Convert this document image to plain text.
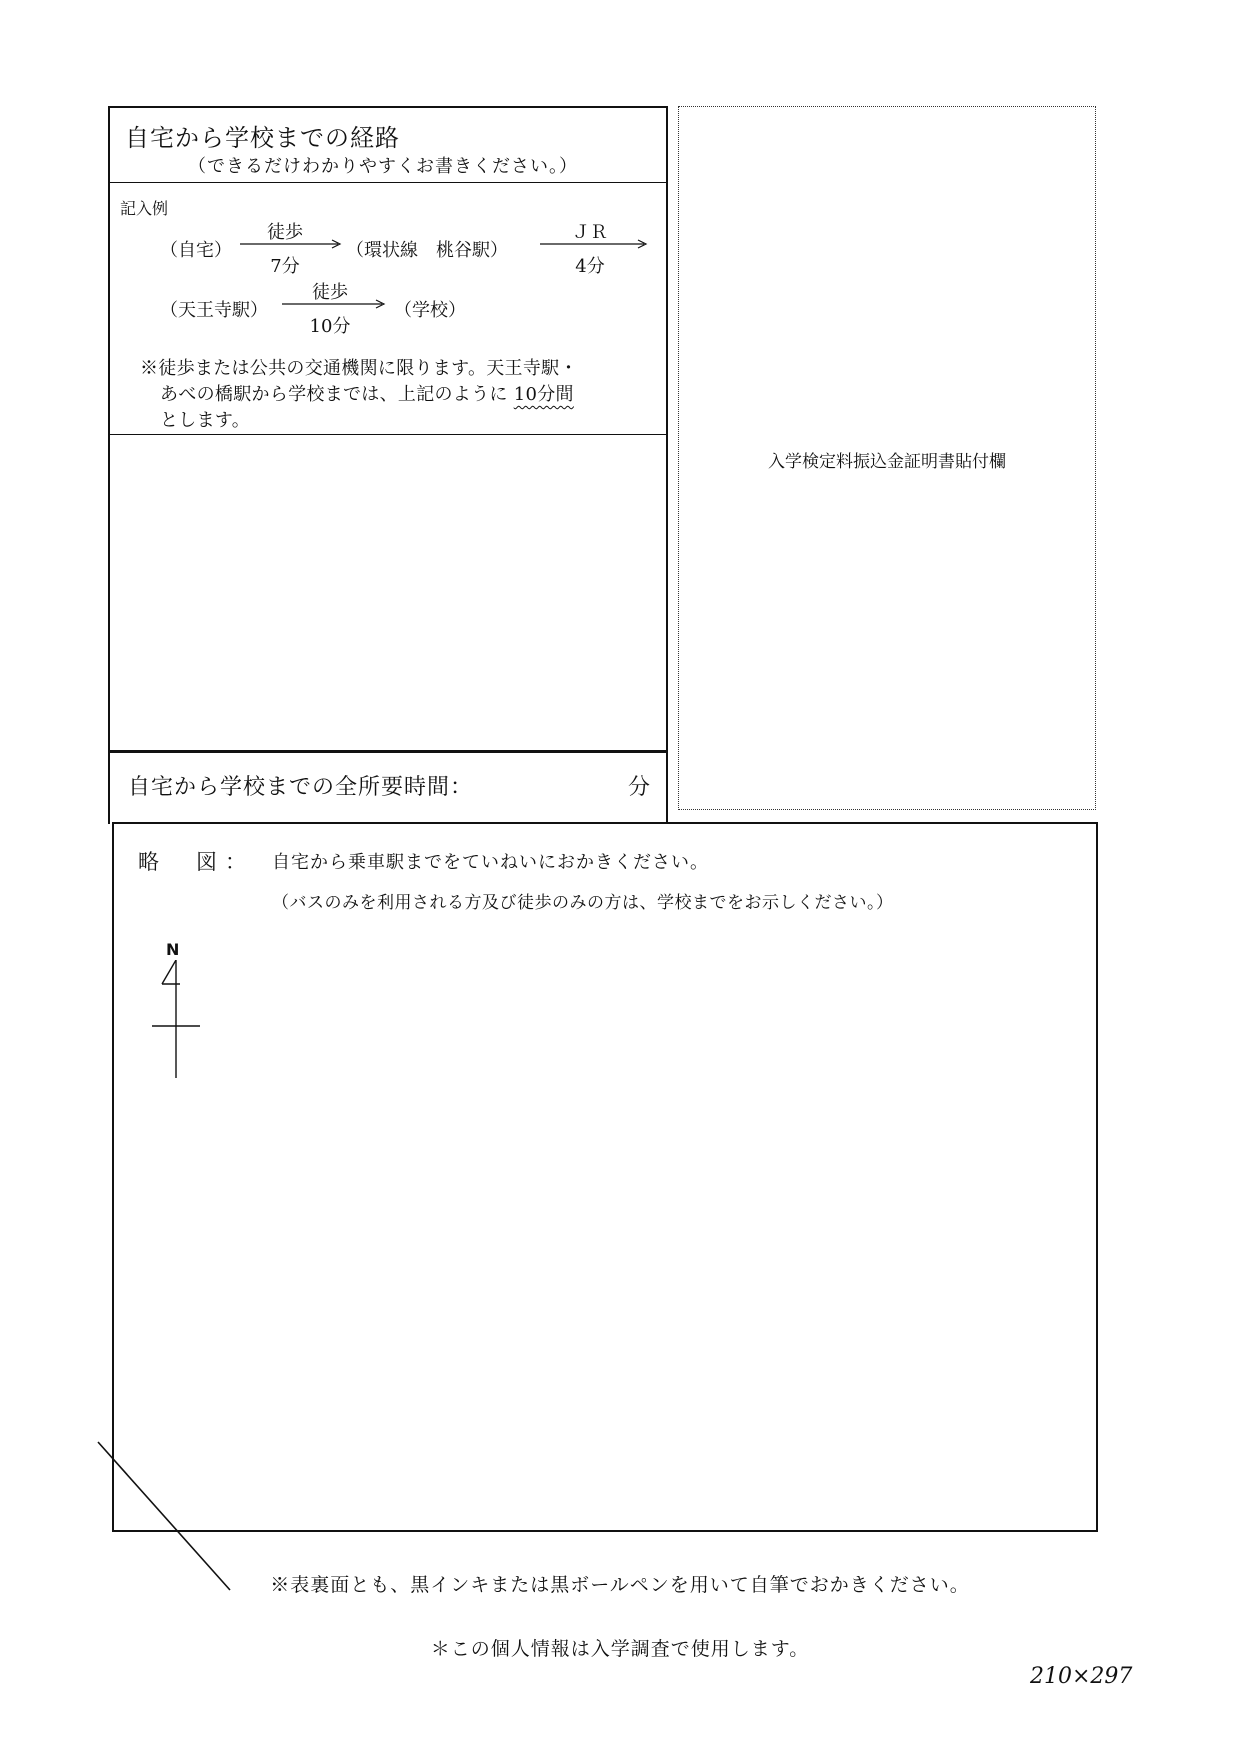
自宅から学校までの経路
（できるだけわかりやすくお書きください。）
記入例
（自宅）
徒歩
7分
（環状線　桃谷駅）
ＪＲ
4分
（天王寺駅）
徒歩
10分
（学校）
※徒歩または公共の交通機関に限ります。天王寺駅・
あべの橋駅から学校までは、上記のように 10分間
とします。
自宅から学校までの全所要時間：	分
入学検定料振込金証明書貼付欄
略　図： 自宅から乗車駅までをていねいにおかきください。
（バスのみを利用される方及び徒歩のみの方は、学校までをお示しください。）
N
※表裏面とも、黒インキまたは黒ボールペンを用いて自筆でおかきください。
＊この個人情報は入学調査で使用します。
210×297
